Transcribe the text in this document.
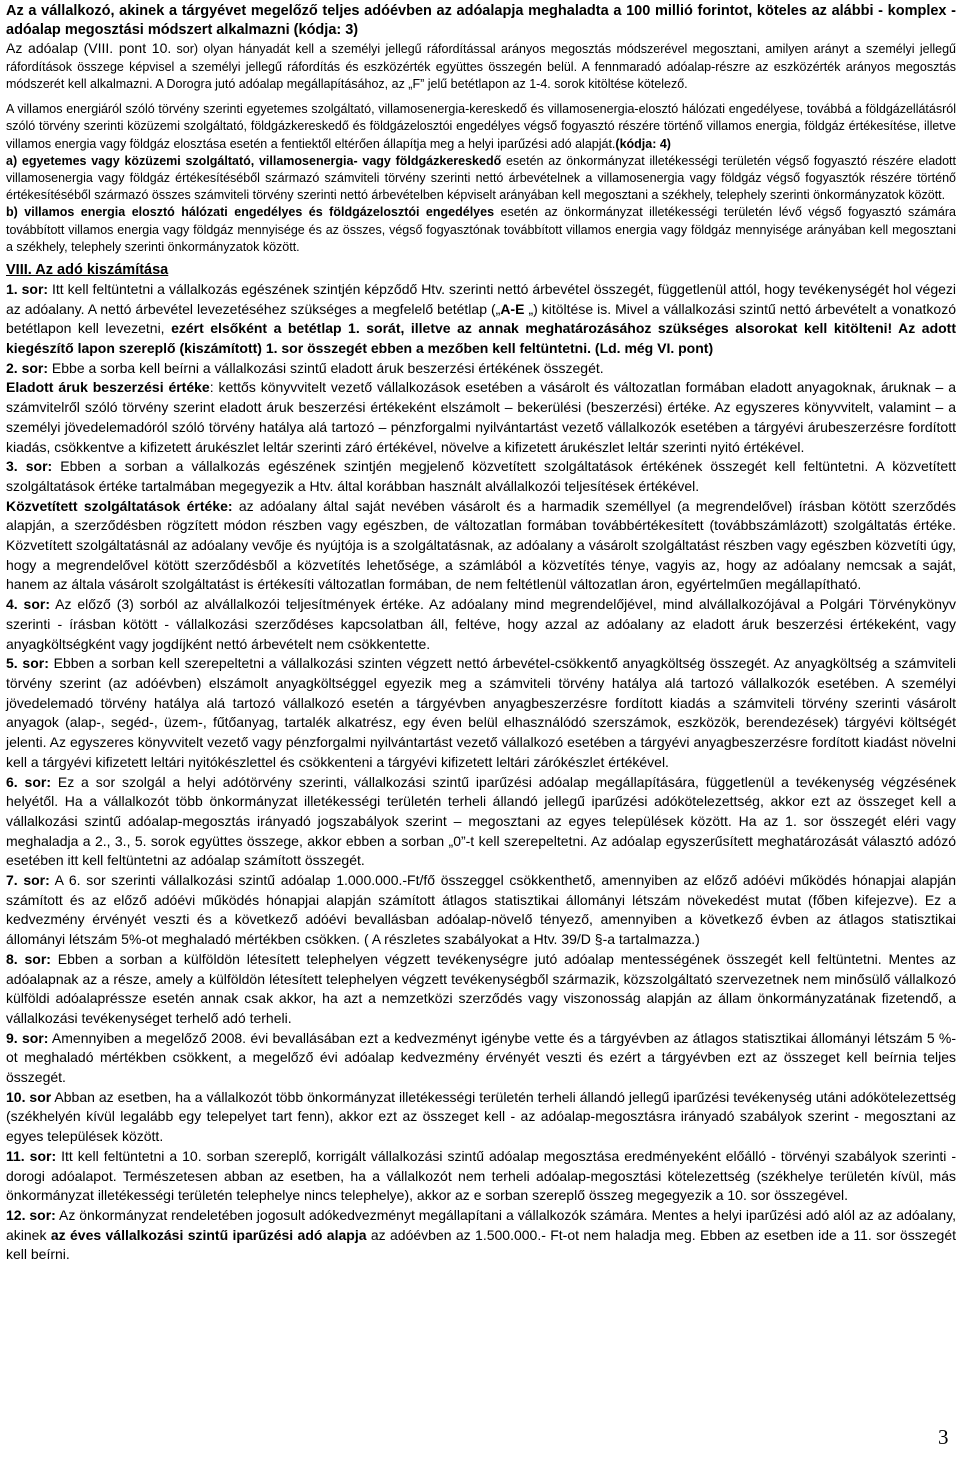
Az a vállalkozó, akinek a tárgyévet megelőző teljes adóévben az adóalapja meghaladta a 100 millió forintot, köteles az alábbi - komplex - adóalap megosztási módszert alkalmazni (kódja: 3)

Az adóalap (VIII. pont 10. sor) olyan hányadát kell a személyi jellegű ráfordítással arányos megosztás módszerével megosztani, amilyen arányt a személyi jellegű ráfordítások összege képvisel a személyi jellegű ráfordítás és eszközérték együttes összegén belül. A fennmaradó adóalap-részre az eszközérték arányos megosztás módszerét kell alkalmazni. A Dorogra jutó adóalap megállapításához, az „F” jelű betétlapon az 1-4. sorok kitöltése kötelező.

A villamos energiáról szóló törvény szerinti egyetemes szolgáltató, villamosenergia-kereskedő és villamosenergia-elosztó hálózati engedélyese, továbbá a földgázellátásról szóló törvény szerinti közüzemi szolgáltató, földgázkereskedő és földgázelosztói engedélyes végső fogyasztó részére történő villamos energia, földgáz értékesítése, illetve villamos energia vagy földgáz elosztása esetén a fentiektől eltérően állapítja meg a helyi iparűzési adó alapját.(kódja: 4)

a) egyetemes vagy közüzemi szolgáltató, villamosenergia- vagy földgázkereskedő esetén az önkormányzat illetékességi területén végső fogyasztó részére eladott villamosenergia vagy földgáz értékesítéséből származó számviteli törvény szerinti nettó árbevételnek a villamosenergia vagy földgáz végső fogyasztók részére történő értékesítéséből származó összes számviteli törvény szerinti nettó árbevételben képviselt arányában kell megosztani a székhely, telephely szerinti önkormányzatok között.

b) villamos energia elosztó hálózati engedélyes és földgázelosztói engedélyes esetén az önkormányzat illetékességi területén lévő végső fogyasztó számára továbbított villamos energia vagy földgáz mennyisége és az összes, végső fogyasztónak továbbított villamos energia vagy földgáz mennyisége arányában kell megosztani a székhely, telephely szerinti önkormányzatok között.

VIII. Az adó kiszámítása

1. sor: Itt kell feltüntetni a vállalkozás egészének szintjén képződő Htv. szerinti nettó árbevétel összegét, függetlenül attól, hogy tevékenységét hol végezi az adóalany. A nettó árbevétel levezetéséhez szükséges a megfelelő betétlap („A-E „) kitöltése is. Mivel a vállalkozási szintű nettó árbevételt a vonatkozó betétlapon kell levezetni, ezért elsőként a betétlap 1. sorát, illetve az annak meghatározásához szükséges alsorokat kell kitölteni! Az adott kiegészítő lapon szereplő (kiszámított) 1. sor összegét ebben a mezőben kell feltüntetni. (Ld. még VI. pont)

2. sor: Ebbe a sorba kell beírni a vállalkozási szintű eladott áruk beszerzési értékének összegét.

Eladott áruk beszerzési értéke: kettős könyvvitelt vezető vállalkozások esetében a vásárolt és változatlan formában eladott anyagoknak, áruknak – a számvitelről szóló törvény szerint eladott áruk beszerzési értékeként elszámolt – bekerülési (beszerzési) értéke. Az egyszeres könyvvitelt, valamint – a személyi jövedelemadóról szóló törvény hatálya alá tartozó – pénzforgalmi nyilvántartást vezető vállalkozók esetében a tárgyévi árubeszerzésre fordított kiadás, csökkentve a kifizetett árukészlet leltár szerinti záró értékével, növelve a kifizetett árukészlet leltár szerinti nyitó értékével.

3. sor: Ebben a sorban a vállalkozás egészének szintjén megjelenő közvetített szolgáltatások értékének összegét kell feltüntetni. A közvetített szolgáltatások értéke tartalmában megegyezik a Htv. által korábban használt alvállalkozói teljesítések értékével.

Közvetített szolgáltatások értéke: az adóalany által saját nevében vásárolt és a harmadik személlyel (a megrendelővel) írásban kötött szerződés alapján, a szerződésben rögzített módon részben vagy egészben, de változatlan formában továbbértékesített (továbbszámlázott) szolgáltatás értéke. Közvetített szolgáltatásnál az adóalany vevője és nyújtója is a szolgáltatásnak, az adóalany a vásárolt szolgáltatást részben vagy egészben közvetíti úgy, hogy a megrendelővel kötött szerződésből a közvetítés lehetősége, a számlából a közvetítés ténye, vagyis az, hogy az adóalany nemcsak a saját, hanem az általa vásárolt szolgáltatást is értékesíti változatlan formában, de nem feltétlenül változatlan áron, egyértelműen megállapítható.

4. sor: Az előző (3) sorból az alvállalkozói teljesítmények értéke. Az adóalany mind megrendelőjével, mind alvállalkozójával a Polgári Törvénykönyv szerinti - írásban kötött - vállalkozási szerződéses kapcsolatban áll, feltéve, hogy azzal az adóalany az eladott áruk beszerzési értékeként, vagy anyagköltségként vagy jogdíjként nettó árbevételt nem csökkentette.

5. sor: Ebben a sorban kell szerepeltetni a vállalkozási szinten végzett nettó árbevétel-csökkentő anyagköltség összegét. Az anyagköltség a számviteli törvény szerint (az adóévben) elszámolt anyagköltséggel egyezik meg a számviteli törvény hatálya alá tartozó vállalkozók esetében. A személyi jövedelemadó törvény hatálya alá tartozó vállalkozó esetén a tárgyévben anyagbeszerzésre fordított kiadás a számviteli törvény szerinti vásárolt anyagok (alap-, segéd-, üzem-, fűtőanyag, tartalék alkatrész, egy éven belül elhasználódó szerszámok, eszközök, berendezések) tárgyévi költségét jelenti. Az egyszeres könyvvitelt vezető vagy pénzforgalmi nyilvántartást vezető vállalkozó esetében a tárgyévi anyagbeszerzésre fordított kiadást növelni kell a tárgyévi kifizetett leltári nyitókészlettel és csökkenteni a tárgyévi kifizetett leltári zárókészlet értékével.

6. sor: Ez a sor szolgál a helyi adótörvény szerinti, vállalkozási szintű iparűzési adóalap megállapítására, függetlenül a tevékenység végzésének helyétől. Ha a vállalkozót több önkormányzat illetékességi területén terheli állandó jellegű iparűzési adókötelezettség, akkor ezt az összeget kell a vállalkozási szintű adóalap-megosztás irányadó jogszabályok szerint – megosztani az egyes települések között. Ha az 1. sor összegét eléri vagy meghaladja a 2., 3., 5. sorok együttes összege, akkor ebben a sorban „0”-t kell szerepeltetni. Az adóalap egyszerűsített meghatározását választó adózó esetében itt kell feltüntetni az adóalap számított összegét.

7. sor: A 6. sor szerinti vállalkozási szintű adóalap 1.000.000.-Ft/fő összeggel csökkenthető, amennyiben az előző adóévi működés hónapjai alapján számított és az előző adóévi működés hónapjai alapján számított átlagos statisztikai állományi létszám növekedést mutat (főben kifejezve). Ez a kedvezmény érvényét veszti és a következő adóévi bevallásban adóalap-növelő tényező, amennyiben a következő évben az átlagos statisztikai állományi létszám 5%-ot meghaladó mértékben csökken. ( A részletes szabályokat a Htv. 39/D §-a tartalmazza.)

8. sor: Ebben a sorban a külföldön létesített telephelyen végzett tevékenységre jutó adóalap mentességének összegét kell feltüntetni. Mentes az adóalapnak az a része, amely a külföldön létesített telephelyen végzett tevékenységből származik, közszolgáltató szervezetnek nem minősülő vállalkozó külföldi adóalapréssze esetén annak csak akkor, ha azt a nemzetközi szerződés vagy viszonosság alapján az állam önkormányzatának fizetendő, a vállalkozási tevékenységet terhelő adó terheli.

9. sor: Amennyiben a megelőző 2008. évi bevallásában ezt a kedvezményt igénybe vette és a tárgyévben az átlagos statisztikai állományi létszám 5 %-ot meghaladó mértékben csökkent, a megelőző évi adóalap kedvezmény érvényét veszti és ezért a tárgyévben ezt az összeget kell beírnia teljes összegét.

10. sor Abban az esetben, ha a vállalkozót több önkormányzat illetékességi területén terheli állandó jellegű iparűzési tevékenység utáni adókötelezettség (székhelyén kívül legalább egy telepelyet tart fenn), akkor ezt az összeget kell - az adóalap-megosztásra irányadó szabályok szerint - megosztani az egyes települések között.

11. sor: Itt kell feltüntetni a 10. sorban szereplő, korrigált vállalkozási szintű adóalap megosztása eredményeként előálló - törvényi szabályok szerinti - dorogi adóalapot. Természetesen abban az esetben, ha a vállalkozót nem terheli adóalap-megosztási kötelezettség (székhelye területén kívül, más önkormányzat illetékességi területén telephelye nincs telephelye), akkor az e sorban szereplő összeg megegyezik a 10. sor összegével.

12. sor: Az önkormányzat rendeletében jogosult adókedvezményt megállapítani a vállalkozók számára. Mentes a helyi iparűzési adó alól az az adóalany, akinek az éves vállalkozási szintű iparűzési adó alapja az adóévben az 1.500.000.- Ft-ot nem haladja meg. Ebben az esetben ide a 11. sor összegét kell beírni.

3
